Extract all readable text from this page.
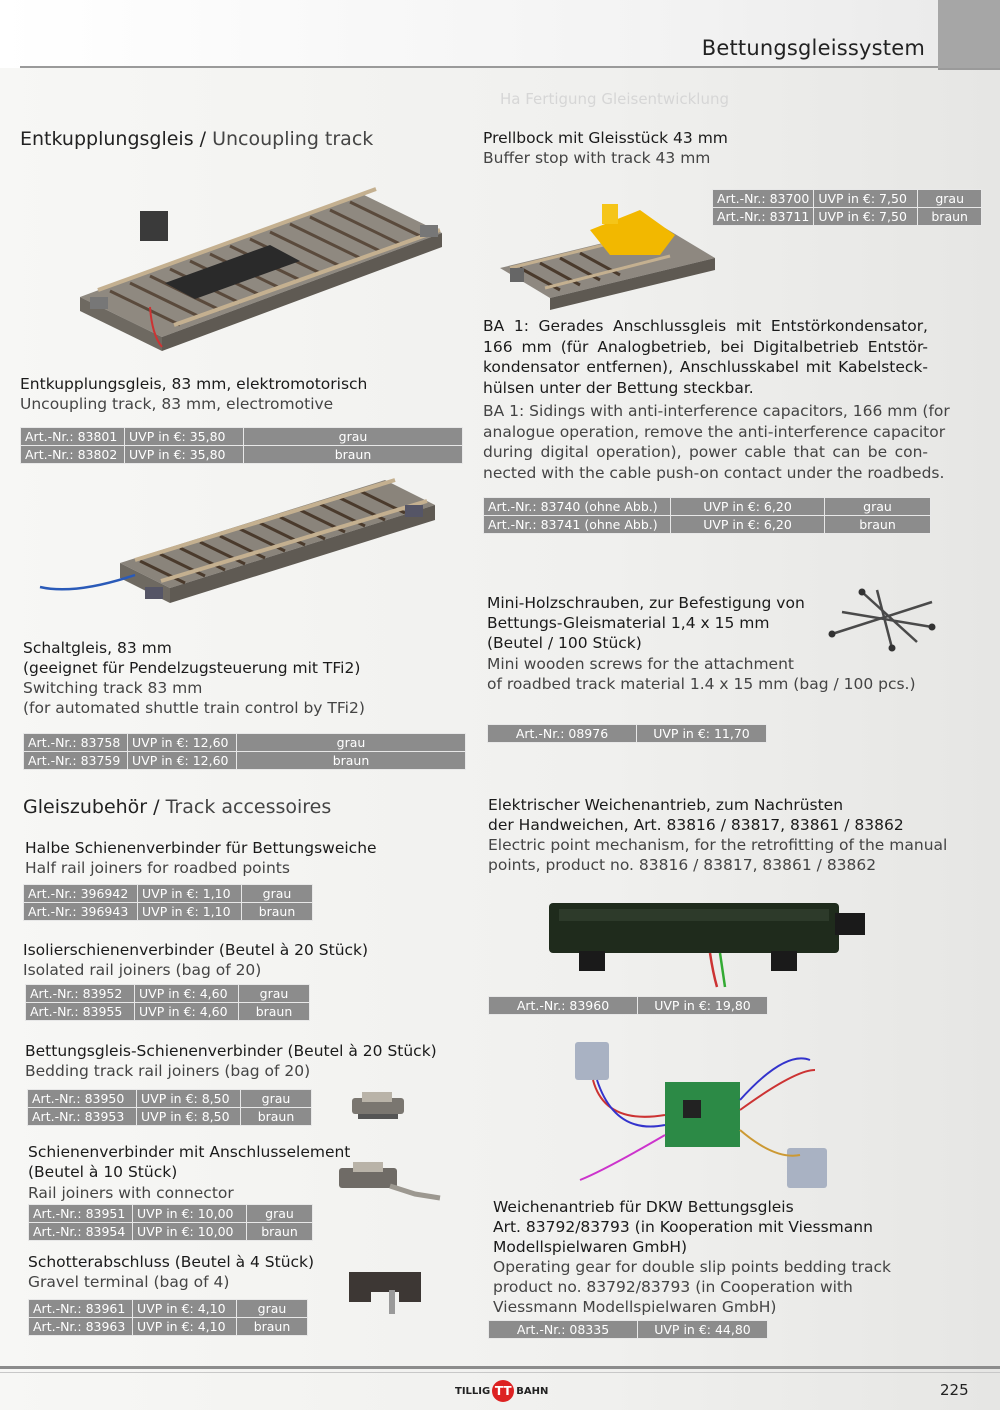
Bettungsgleissystem
Ha Fertigung Gleisentwicklung
Entkupplungsgleis / Uncoupling track
Entkupplungsgleis, 83 mm, elektromotorisch
Uncoupling track, 83 mm, electromotive
Art.-Nr.: 83801	UVP in €: 35,80	grau
Art.-Nr.: 83802	UVP in €: 35,80	braun
Schaltgleis, 83 mm
(geeignet für Pendelzugsteuerung mit TFi2)
Switching track 83 mm
(for automated shuttle train control by TFi2)
Art.-Nr.: 83758	UVP in €: 12,60	grau
Art.-Nr.: 83759	UVP in €: 12,60	braun
Gleiszubehör / Track accessoires
Halbe Schienenverbinder für Bettungsweiche
Half rail joiners for roadbed points
Art.-Nr.: 396942	UVP in €: 1,10	grau
Art.-Nr.: 396943	UVP in €: 1,10	braun
Isolierschienenverbinder (Beutel à 20 Stück)
Isolated rail joiners (bag of 20)
Art.-Nr.: 83952	UVP in €: 4,60	grau
Art.-Nr.: 83955	UVP in €: 4,60	braun
Bettungsgleis-Schienenverbinder (Beutel à 20 Stück)
Bedding track rail joiners (bag of 20)
Art.-Nr.: 83950	UVP in €: 8,50	grau
Art.-Nr.: 83953	UVP in €: 8,50	braun
Schienenverbinder mit Anschlusselement
(Beutel à 10 Stück)
Rail joiners with connector
Art.-Nr.: 83951	UVP in €: 10,00	grau
Art.-Nr.: 83954	UVP in €: 10,00	braun
Schotterabschluss (Beutel à 4 Stück)
Gravel terminal (bag of 4)
Art.-Nr.: 83961	UVP in €: 4,10	grau
Art.-Nr.: 83963	UVP in €: 4,10	braun
Prellbock mit Gleisstück 43 mm
Buffer stop with track 43 mm
Art.-Nr.: 83700	UVP in €: 7,50	grau
Art.-Nr.: 83711	UVP in €: 7,50	braun
BA 1: Gerades Anschlussgleis mit Entstörkondensator,
166 mm (für Analogbetrieb, bei Digitalbetrieb Entstör-
kondensator entfernen), Anschlusskabel mit Kabelsteck-
hülsen unter der Bettung steckbar.
BA 1: Sidings with anti-interference capacitors, 166 mm (for
analogue operation, remove the anti-interference capacitor
during digital operation), power cable that can be con-
nected with the cable push-on contact under the roadbeds.
Art.-Nr.: 83740 (ohne Abb.)	UVP in €: 6,20	grau
Art.-Nr.: 83741 (ohne Abb.)	UVP in €: 6,20	braun
Mini-Holzschrauben, zur Befestigung von
Bettungs-Gleismaterial 1,4 x 15 mm
(Beutel / 100 Stück)
Mini wooden screws for the attachment
of roadbed track material 1.4 x 15 mm (bag / 100 pcs.)
Art.-Nr.: 08976	UVP in €: 11,70
Elektrischer Weichenantrieb, zum Nachrüsten
der Handweichen, Art. 83816 / 83817, 83861 / 83862
Electric point mechanism, for the retrofitting of the manual
points, product no. 83816 / 83817, 83861 / 83862
Art.-Nr.: 83960	UVP in €: 19,80
Weichenantrieb für DKW Bettungsgleis
Art. 83792/83793 (in Kooperation mit Viessmann
Modellspielwaren GmbH)
Operating gear for double slip points bedding track
product no. 83792/83793 (in Cooperation with
Viessmann Modellspielwaren GmbH)
Art.-Nr.: 08335	UVP in €: 44,80
TILLIG TT BAHN	225
